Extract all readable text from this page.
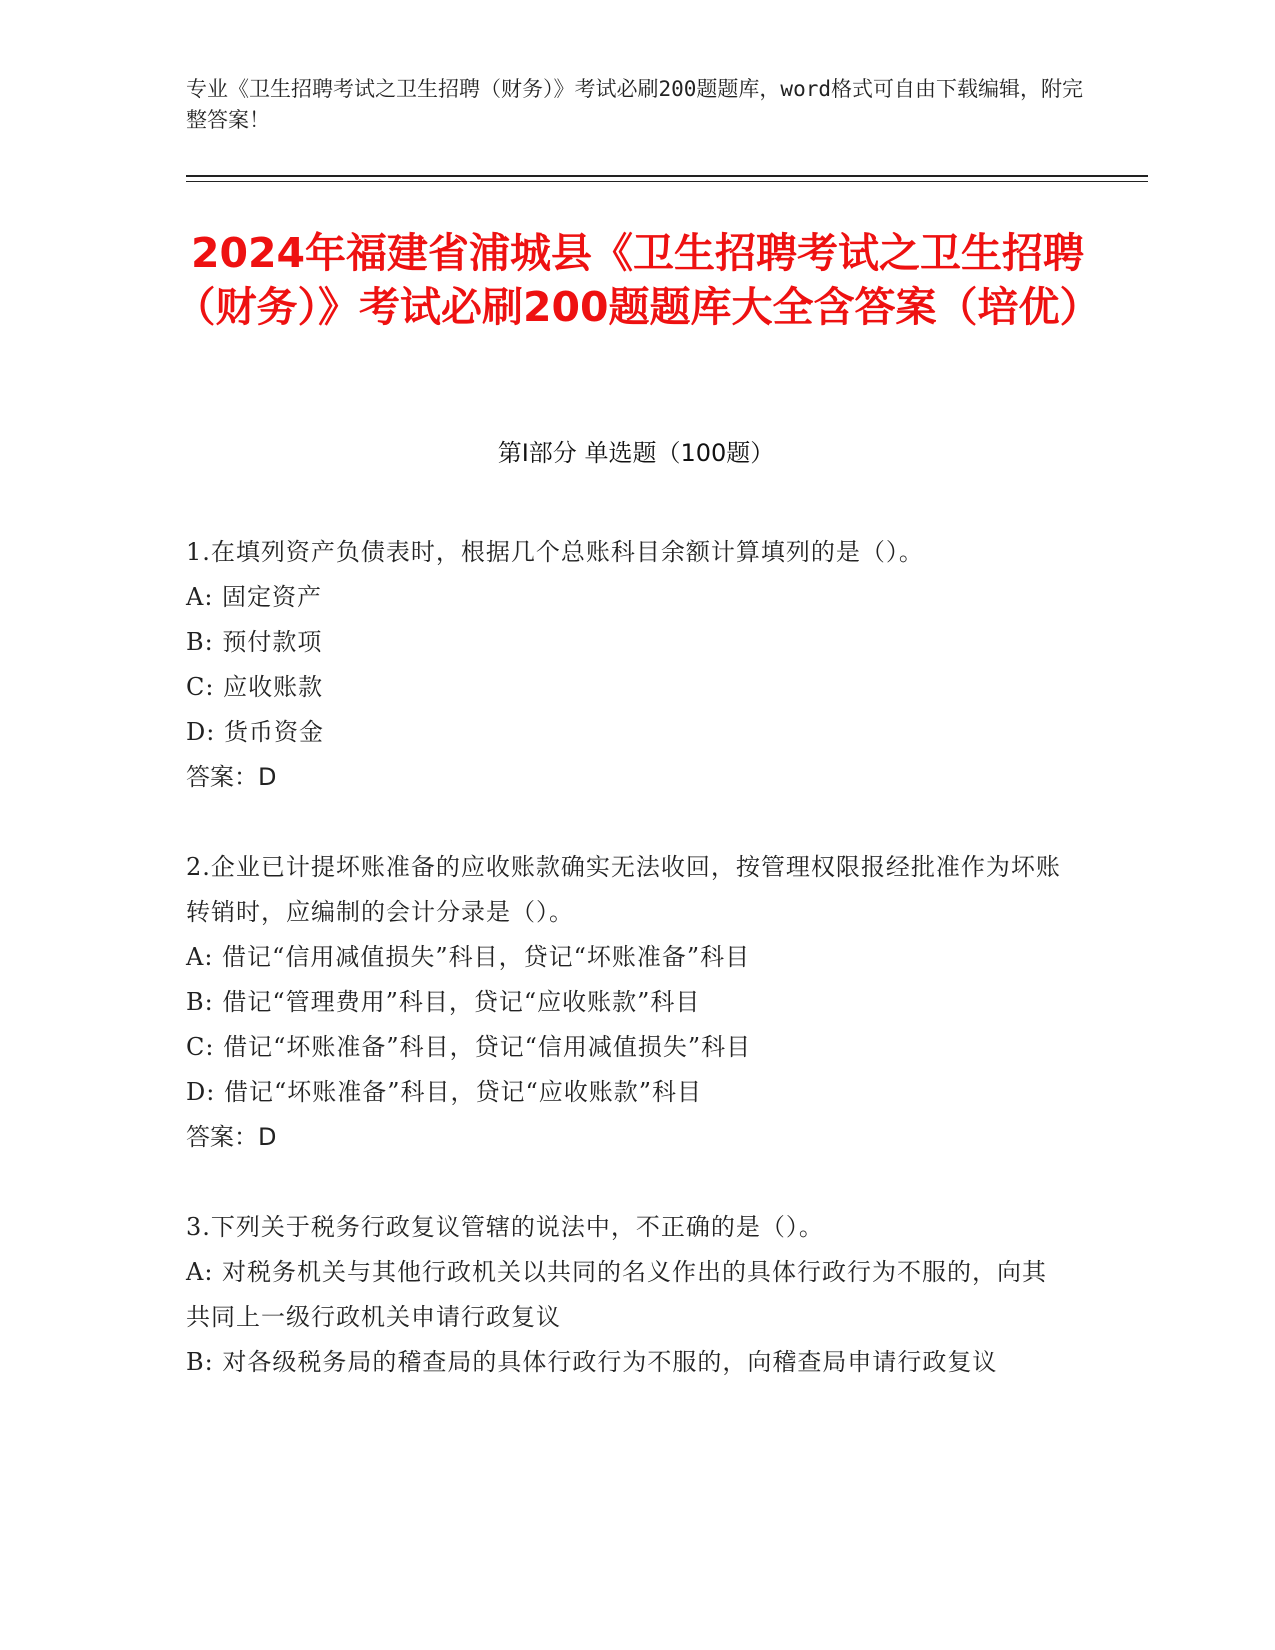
专业《卫生招聘考试之卫生招聘（财务）》考试必刷200题题库，word格式可自由下载编辑，附完整答案！
2024年福建省浦城县《卫生招聘考试之卫生招聘（财务）》考试必刷200题题库大全含答案（培优）
第Ⅰ部分 单选题（100题）

1.在填列资产负债表时，根据几个总账科目余额计算填列的是（）。

A: 固定资产

B: 预付款项

C: 应收账款

D: 货币资金

答案：D

2.企业已计提坏账准备的应收账款确实无法收回，按管理权限报经批准作为坏账转销时，应编制的会计分录是（）。

A: 借记“信用减值损失”科目，贷记“坏账准备”科目

B: 借记“管理费用”科目，贷记“应收账款”科目

C: 借记“坏账准备”科目，贷记“信用减值损失”科目

D: 借记“坏账准备”科目，贷记“应收账款”科目

答案：D

3.下列关于税务行政复议管辖的说法中，不正确的是（）。

A: 对税务机关与其他行政机关以共同的名义作出的具体行政行为不服的，向其共同上一级行政机关申请行政复议

B: 对各级税务局的稽查局的具体行政行为不服的，向稽查局申请行政复议
